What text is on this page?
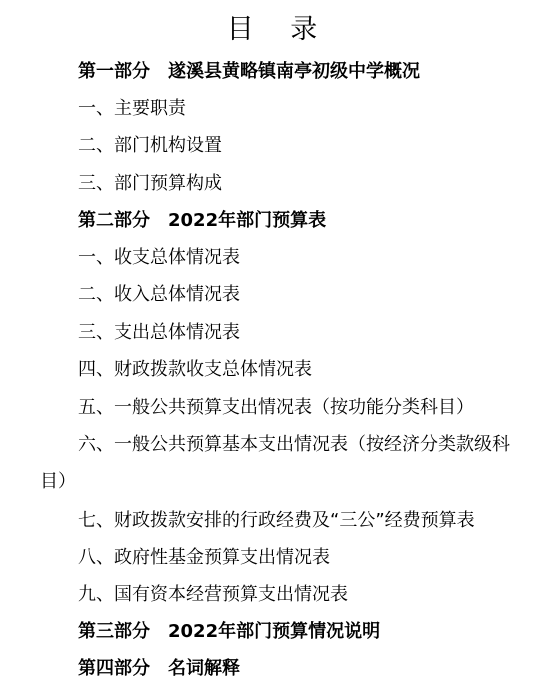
目 录
第一部分 遂溪县黄略镇南亭初级中学概况
一、主要职责
二、部门机构设置
三、部门预算构成
第二部分 2022年部门预算表
一、收支总体情况表
二、收入总体情况表
三、支出总体情况表
四、财政拨款收支总体情况表
五、一般公共预算支出情况表（按功能分类科目）
六、一般公共预算基本支出情况表（按经济分类款级科
目）
七、财政拨款安排的行政经费及“三公”经费预算表
八、政府性基金预算支出情况表
九、国有资本经营预算支出情况表
第三部分 2022年部门预算情况说明
第四部分 名词解释
